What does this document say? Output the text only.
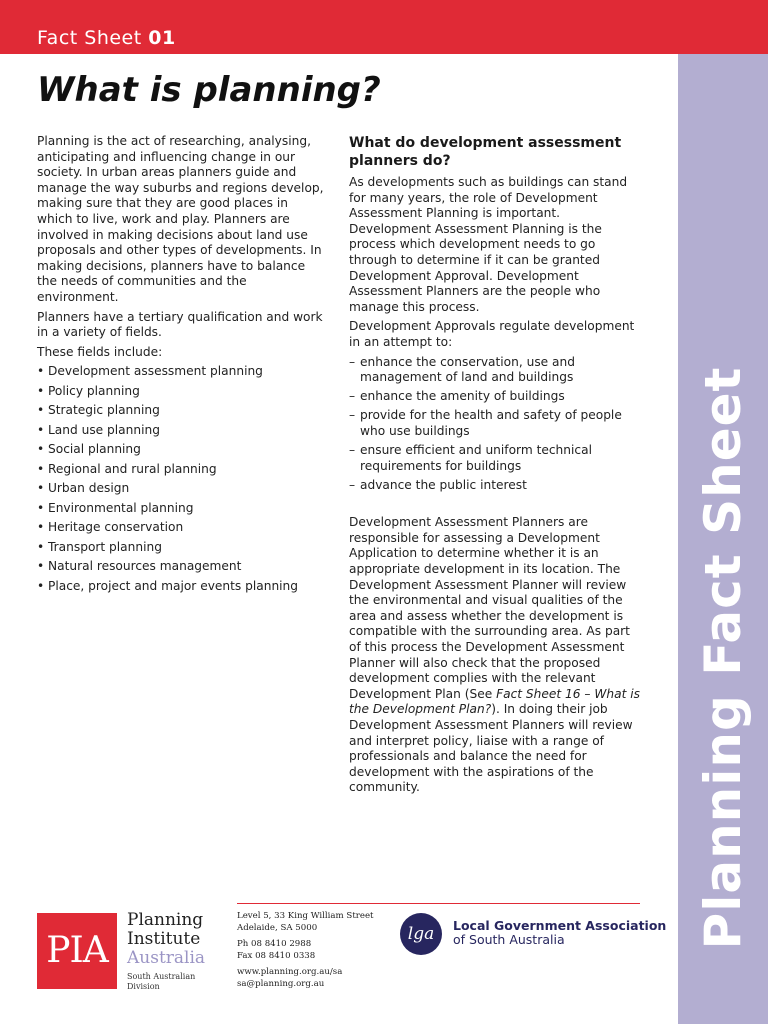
Fact Sheet 01
Planning Fact Sheet
What is planning?

Planning is the act of researching, analysing, anticipating and influencing change in our society. In urban areas planners guide and manage the way suburbs and regions develop, making sure that they are good places in which to live, work and play. Planners are involved in making decisions about land use proposals and other types of developments. In making decisions, planners have to balance the needs of communities and the environment.

Planners have a tertiary qualification and work in a variety of fields.

These fields include:

• Development assessment planning
• Policy planning
• Strategic planning
• Land use planning
• Social planning
• Regional and rural planning
• Urban design
• Environmental planning
• Heritage conservation
• Transport planning
• Natural resources management
• Place, project and major events planning
What do development assessment planners do?

As developments such as buildings can stand for many years, the role of Development Assessment Planning is important. Development Assessment Planning is the process which development needs to go through to determine if it can be granted Development Approval. Development Assessment Planners are the people who manage this process.

Development Approvals regulate development in an attempt to:

– enhance the conservation, use and management of land and buildings
– enhance the amenity of buildings
– provide for the health and safety of people who use buildings
– ensure efficient and uniform technical requirements for buildings
– advance the public interest

Development Assessment Planners are responsible for assessing a Development Application to determine whether it is an appropriate development in its location. The Development Assessment Planner will review the environmental and visual qualities of the area and assess whether the development is compatible with the surrounding area. As part of this process the Development Assessment Planner will also check that the proposed development complies with the relevant Development Plan (See Fact Sheet 16 – What is the Development Plan?). In doing their job Development Assessment Planners will review and interpret policy, liaise with a range of professionals and balance the need for development with the aspirations of the community.

PIA
Planning
Institute
Australia
South Australian
Division
Level 5, 33 King William Street
Adelaide, SA 5000
Ph 08 8410 2988
Fax 08 8410 0338
www.planning.org.au/sa
sa@planning.org.au
lga	Local Government Association
of South Australia
